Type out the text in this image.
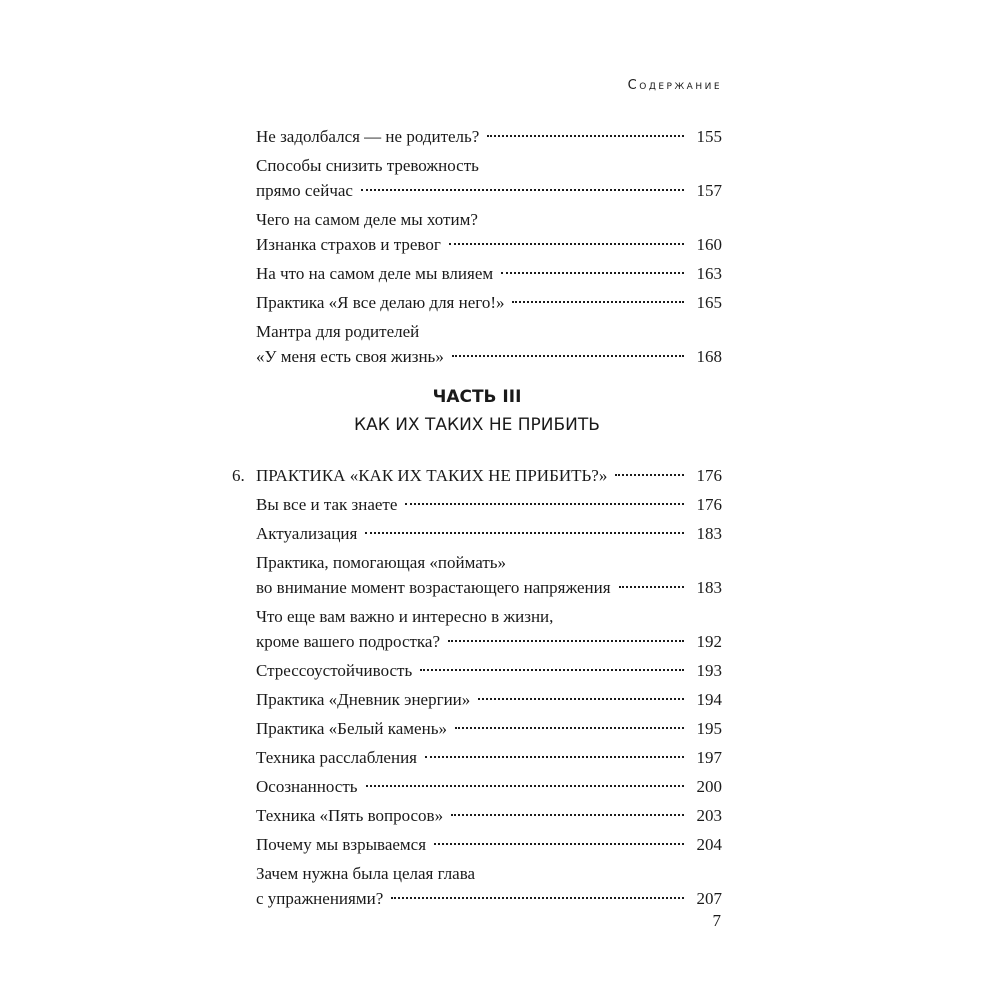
Содержание
Не задолбался — не родитель?	155
Способы снизить тревожность
прямо сейчас	157
Чего на самом деле мы хотим?
Изнанка страхов и тревог	160
На что на самом деле мы влияем	163
Практика «Я все делаю для него!»	165
Мантра для родителей
«У меня есть своя жизнь»	168
ЧАСТЬ III
КАК ИХ ТАКИХ НЕ ПРИБИТЬ
6. ПРАКТИКА «КАК ИХ ТАКИХ НЕ ПРИБИТЬ?»	176
Вы все и так знаете	176
Актуализация	183
Практика, помогающая «поймать»
во внимание момент возрастающего напряжения	183
Что еще вам важно и интересно в жизни,
кроме вашего подростка?	192
Стрессоустойчивость	193
Практика «Дневник энергии»	194
Практика «Белый камень»	195
Техника расслабления	197
Осознанность	200
Техника «Пять вопросов»	203
Почему мы взрываемся	204
Зачем нужна была целая глава
с упражнениями?	207
7
